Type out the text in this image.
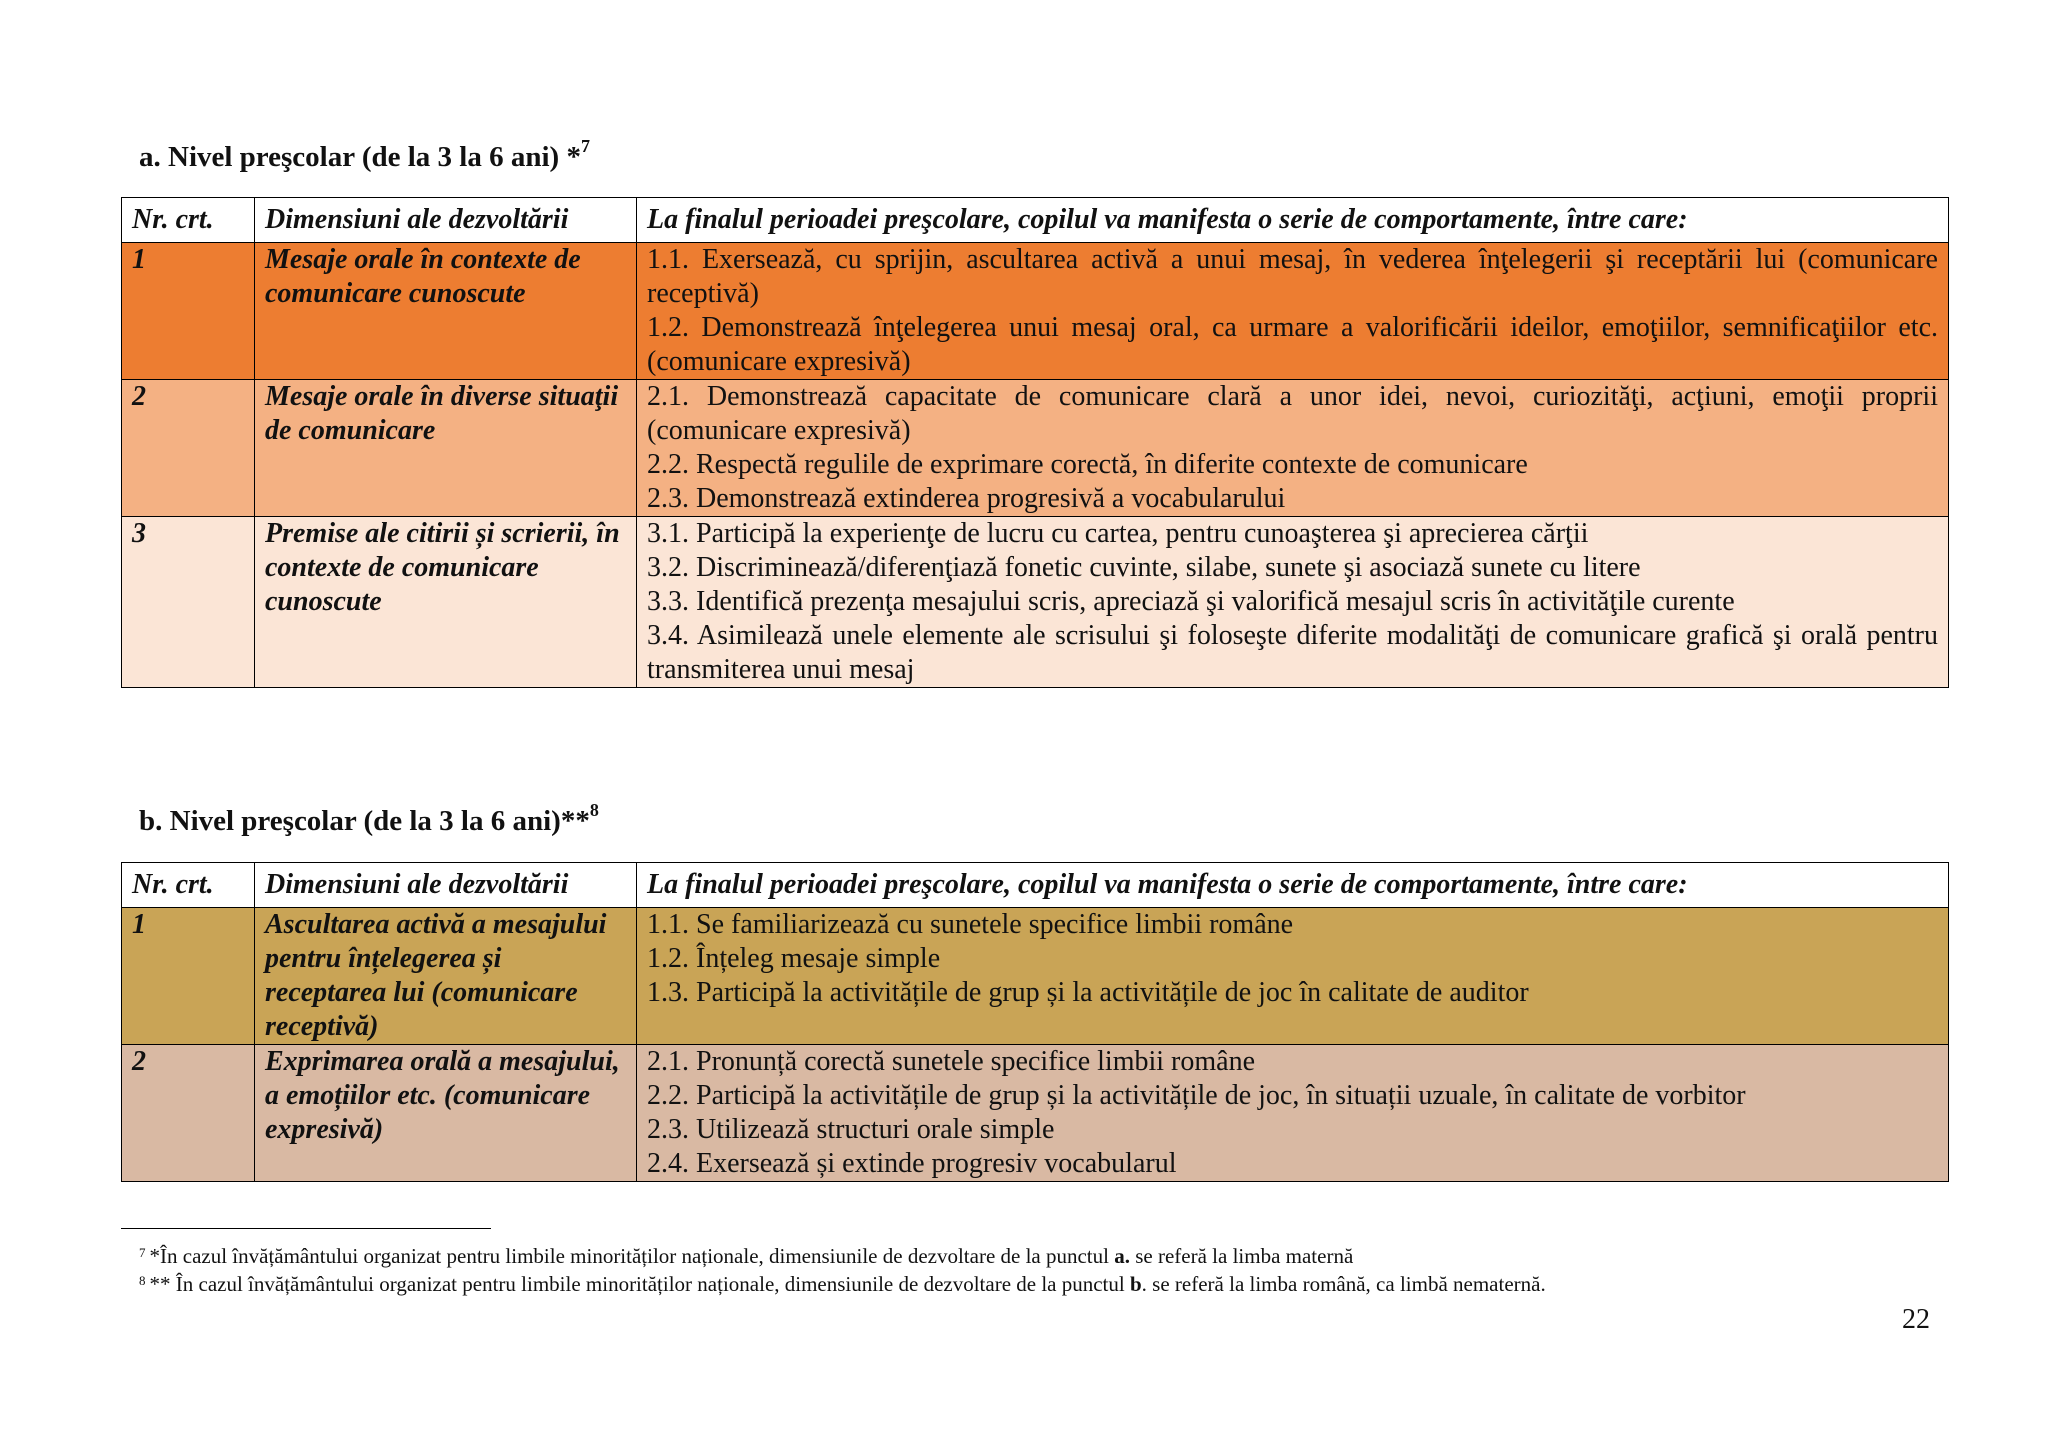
a. Nivel preşcolar (de la 3 la 6 ani) *$^7$
Nr. crt.	Dimensiuni ale dezvoltării	La finalul perioadei preşcolare, copilul va manifesta o serie de comportamente, între care:
1	Mesaje orale în contexte de comunicare cunoscute	1.1. Exersează, cu sprijin, ascultarea activă a unui mesaj, în vederea înţelegerii şi receptării lui (comunicare receptivă)
1.2. Demonstrează înţelegerea unui mesaj oral, ca urmare a valorificării ideilor, emoţiilor, semnificaţiilor etc. (comunicare expresivă)

2	Mesaje orale în diverse situaţii de comunicare	2.1. Demonstrează capacitate de comunicare clară a unor idei, nevoi, curiozităţi, acţiuni, emoţii proprii (comunicare expresivă)
2.2. Respectă regulile de exprimare corectă, în diferite contexte de comunicare
2.3. Demonstrează extinderea progresivă a vocabularului

3	Premise ale citirii și scrierii, în contexte de comunicare cunoscute	3.1. Participă la experienţe de lucru cu cartea, pentru cunoaşterea şi aprecierea cărţii
3.2. Discriminează/diferenţiază fonetic cuvinte, silabe, sunete şi asociază sunete cu litere
3.3. Identifică prezenţa mesajului scris, apreciază şi valorifică mesajul scris în activităţile curente
3.4. Asimilează unele elemente ale scrisului şi foloseşte diferite modalităţi de comunicare grafică şi orală pentru transmiterea unui mesaj
b. Nivel preşcolar (de la 3 la 6 ani)**$^8$
Nr. crt.	Dimensiuni ale dezvoltării	La finalul perioadei preşcolare, copilul va manifesta o serie de comportamente, între care:
1	Ascultarea activă a mesajului pentru înțelegerea și receptarea lui (comunicare receptivă)	1.1. Se familiarizează cu sunetele specifice limbii române
1.2. Înțeleg mesaje simple
1.3. Participă la activitățile de grup și la activitățile de joc în calitate de auditor

2	Exprimarea orală a mesajului, a emoțiilor etc. (comunicare expresivă)	2.1. Pronunță corectă sunetele specifice limbii române
2.2. Participă la activitățile de grup și la activitățile de joc, în situații uzuale, în calitate de vorbitor
2.3. Utilizează structuri orale simple
2.4. Exersează și extinde progresiv vocabularul
$^7$ *În cazul învățământului organizat pentru limbile minorităților naționale, dimensiunile de dezvoltare de la punctul a. se referă la limba maternă
$^8$ ** În cazul învățământului organizat pentru limbile minorităților naționale, dimensiunile de dezvoltare de la punctul b. se referă la limba română, ca limbă nematernă.
22
